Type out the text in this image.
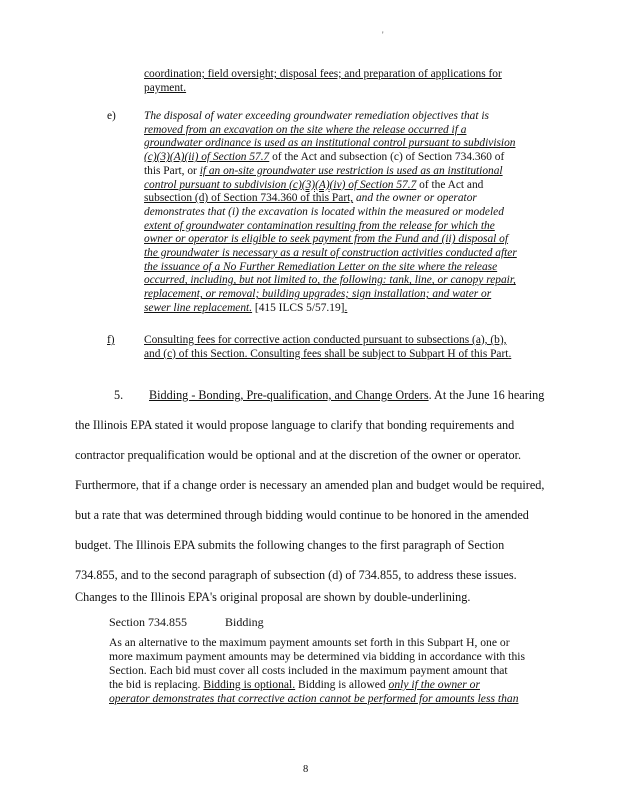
'
coordination; field oversight; disposal fees; and preparation of applications for
payment.
e) The disposal of water exceeding groundwater remediation objectives that is
removed from an excavation on the site where the release occurred if a
groundwater ordinance is used as an institutional control pursuant to subdivision
(c)(3)(A)(ii) of Section 57.7 of the Act and subsection (c) of Section 734.360 of
this Part, or if an on-site groundwater use restriction is used as an institutional
control pursuant to subdivision (c)(3)(A)(iv) of Section 57.7 of the Act and
subsection (d) of Section 734.360 of this Part, and the owner or operator
demonstrates that (i) the excavation is located within the measured or modeled
extent of groundwater contamination resulting from the release for which the
owner or operator is eligible to seek payment from the Fund and (ii) disposal of
the groundwater is necessary as a result of construction activities conducted after
the issuance of a No Further Remediation Letter on the site where the release
occurred, including, but not limited to, the following: tank, line, or canopy repair,
replacement, or removal; building upgrades; sign installation; and water or
sewer line replacement. [415 ILCS 5/57.19].
f)	Consulting fees for corrective action conducted pursuant to subsections (a), (b),
and (c) of this Section. Consulting fees shall be subject to Subpart H of this Part.
5. Bidding - Bonding, Pre-qualification, and Change Orders. At the June 16 hearing
the Illinois EPA stated it would propose language to clarify that bonding requirements and
contractor prequalification would be optional and at the discretion of the owner or operator.
Furthermore, that if a change order is necessary an amended plan and budget would be required,
but a rate that was determined through bidding would continue to be honored in the amended
budget. The Illinois EPA submits the following changes to the first paragraph of Section
734.855, and to the second paragraph of subsection (d) of 734.855, to address these issues.
Changes to the Illinois EPA's original proposal are shown by double-underlining.
Section 734.855	Bidding
As an alternative to the maximum payment amounts set forth in this Subpart H, one or
more maximum payment amounts may be determined via bidding in accordance with this
Section. Each bid must cover all costs included in the maximum payment amount that
the bid is replacing. Bidding is optional. Bidding is allowed only if the owner or
operator demonstrates that corrective action cannot be performed for amounts less than
8
